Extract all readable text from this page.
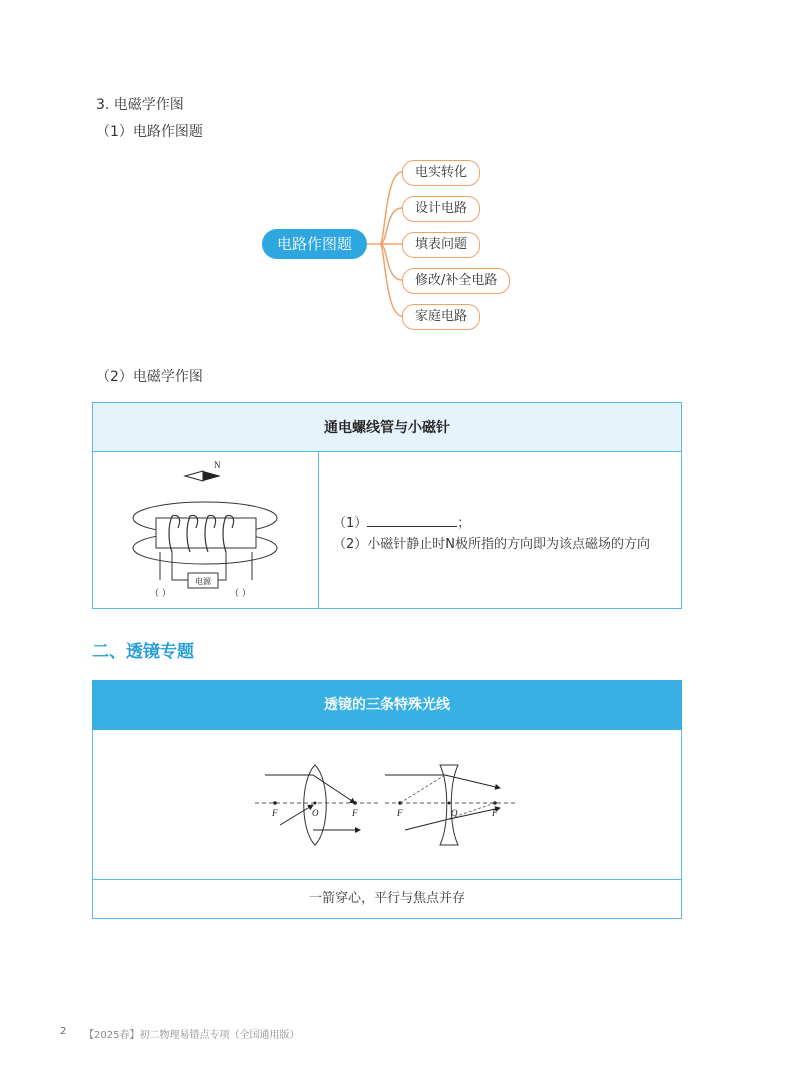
3. 电磁学作图
（1）电路作图题
电路作图题
电实转化
设计电路
填表问题
修改/补全电路
家庭电路
（2）电磁学作图
通电螺线管与小磁针
N
电源
（ ）	（ ）
（1）	；
（2）小磁针静止时N极所指的方向即为该点磁场的方向
二、透镜专题
透镜的三条特殊光线
F	F
O	F	F
O
一箭穿心，平行与焦点并存
2 【2025春】初二物理易错点专项（全国通用版）
